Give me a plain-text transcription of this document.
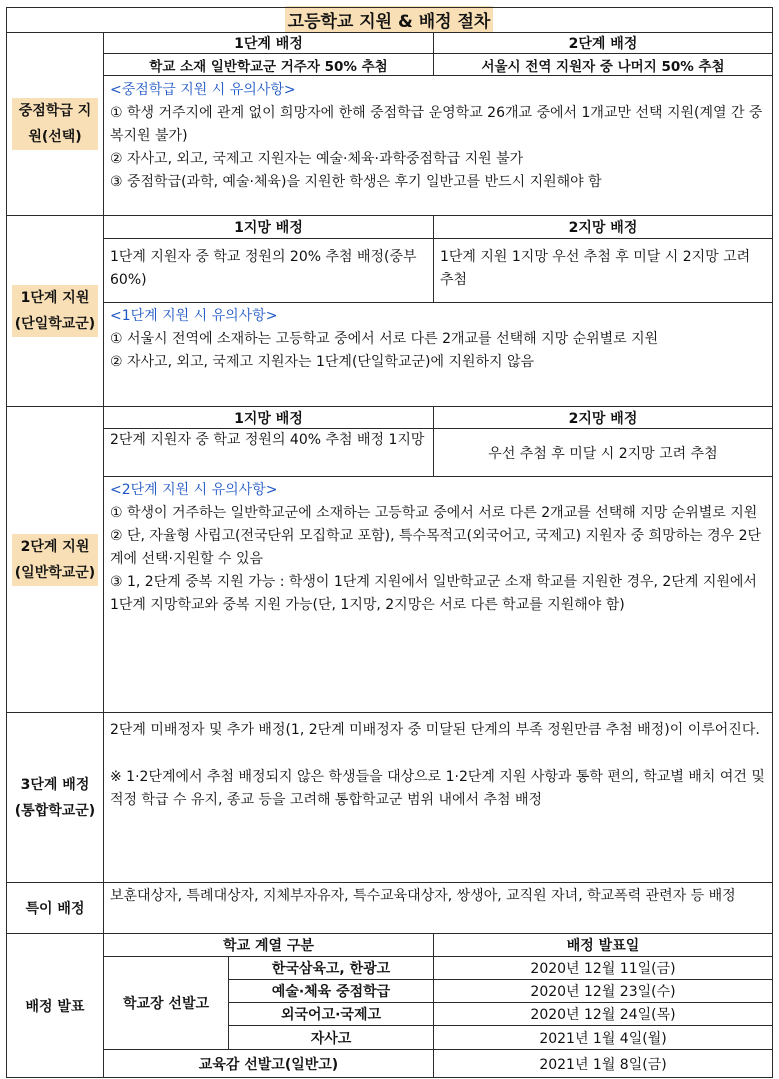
고등학교 지원 & 배정 절차
중점학급 지원(선택)
1단계 배정	2단계 배정
학교 소재 일반학교군 거주자 50% 추첨	서울시 전역 지원자 중 나머지 50% 추첨
<중점학급 지원 시 유의사항>
① 학생 거주지에 관계 없이 희망자에 한해 중점학급 운영학교 26개교 중에서 1개교만 선택 지원(계열 간 중복지원 불가)
② 자사고, 외고, 국제고 지원자는 예술·체육·과학중점학급 지원 불가
③ 중점학급(과학, 예술·체육)을 지원한 학생은 후기 일반고를 반드시 지원해야 함
1단계 지원(단일학교군)
1지망 배정	2지망 배정
1단계 지원자 중 학교 정원의 20% 추첨 배정(중부 60%)
1단계 지원 1지망 우선 추첨 후 미달 시 2지망 고려 추첨
<1단계 지원 시 유의사항>
① 서울시 전역에 소재하는 고등학교 중에서 서로 다른 2개교를 선택해 지망 순위별로 지원
② 자사고, 외고, 국제고 지원자는 1단계(단일학교군)에 지원하지 않음
2단계 지원(일반학교군)
1지망 배정	2지망 배정
2단계 지원자 중 학교 정원의 40% 추첨 배정 1지망
우선 추첨 후 미달 시 2지망 고려 추첨
<2단계 지원 시 유의사항>
① 학생이 거주하는 일반학교군에 소재하는 고등학교 중에서 서로 다른 2개교를 선택해 지망 순위별로 지원
② 단, 자율형 사립고(전국단위 모집학교 포함), 특수목적고(외국어고, 국제고) 지원자 중 희망하는 경우 2단계에 선택·지원할 수 있음
③ 1, 2단계 중복 지원 가능 : 학생이 1단계 지원에서 일반학교군 소재 학교를 지원한 경우, 2단계 지원에서 1단계 지망학교와 중복 지원 가능(단, 1지망, 2지망은 서로 다른 학교를 지원해야 함)
3단계 배정(통합학교군)
2단계 미배정자 및 추가 배정(1, 2단계 미배정자 중 미달된 단계의 부족 정원만큼 추첨 배정)이 이루어진다.
※ 1·2단계에서 추첨 배정되지 않은 학생들을 대상으로 1·2단계 지원 사항과 통학 편의, 학교별 배치 여건 및 적정 학급 수 유지, 종교 등을 고려해 통합학교군 범위 내에서 추첨 배정
특이 배정
보훈대상자, 특례대상자, 지체부자유자, 특수교육대상자, 쌍생아, 교직원 자녀, 학교폭력 관련자 등 배정
배정 발표
학교 계열 구분	배정 발표일
학교장 선발고
한국삼육고, 한광고	2020년 12월 11일(금)
예술·체육 중점학급	2020년 12월 23일(수)
외국어고·국제고	2020년 12월 24일(목)
자사고	2021년 1월 4일(월)
교육감 선발고(일반고)	2021년 1월 8일(금)
